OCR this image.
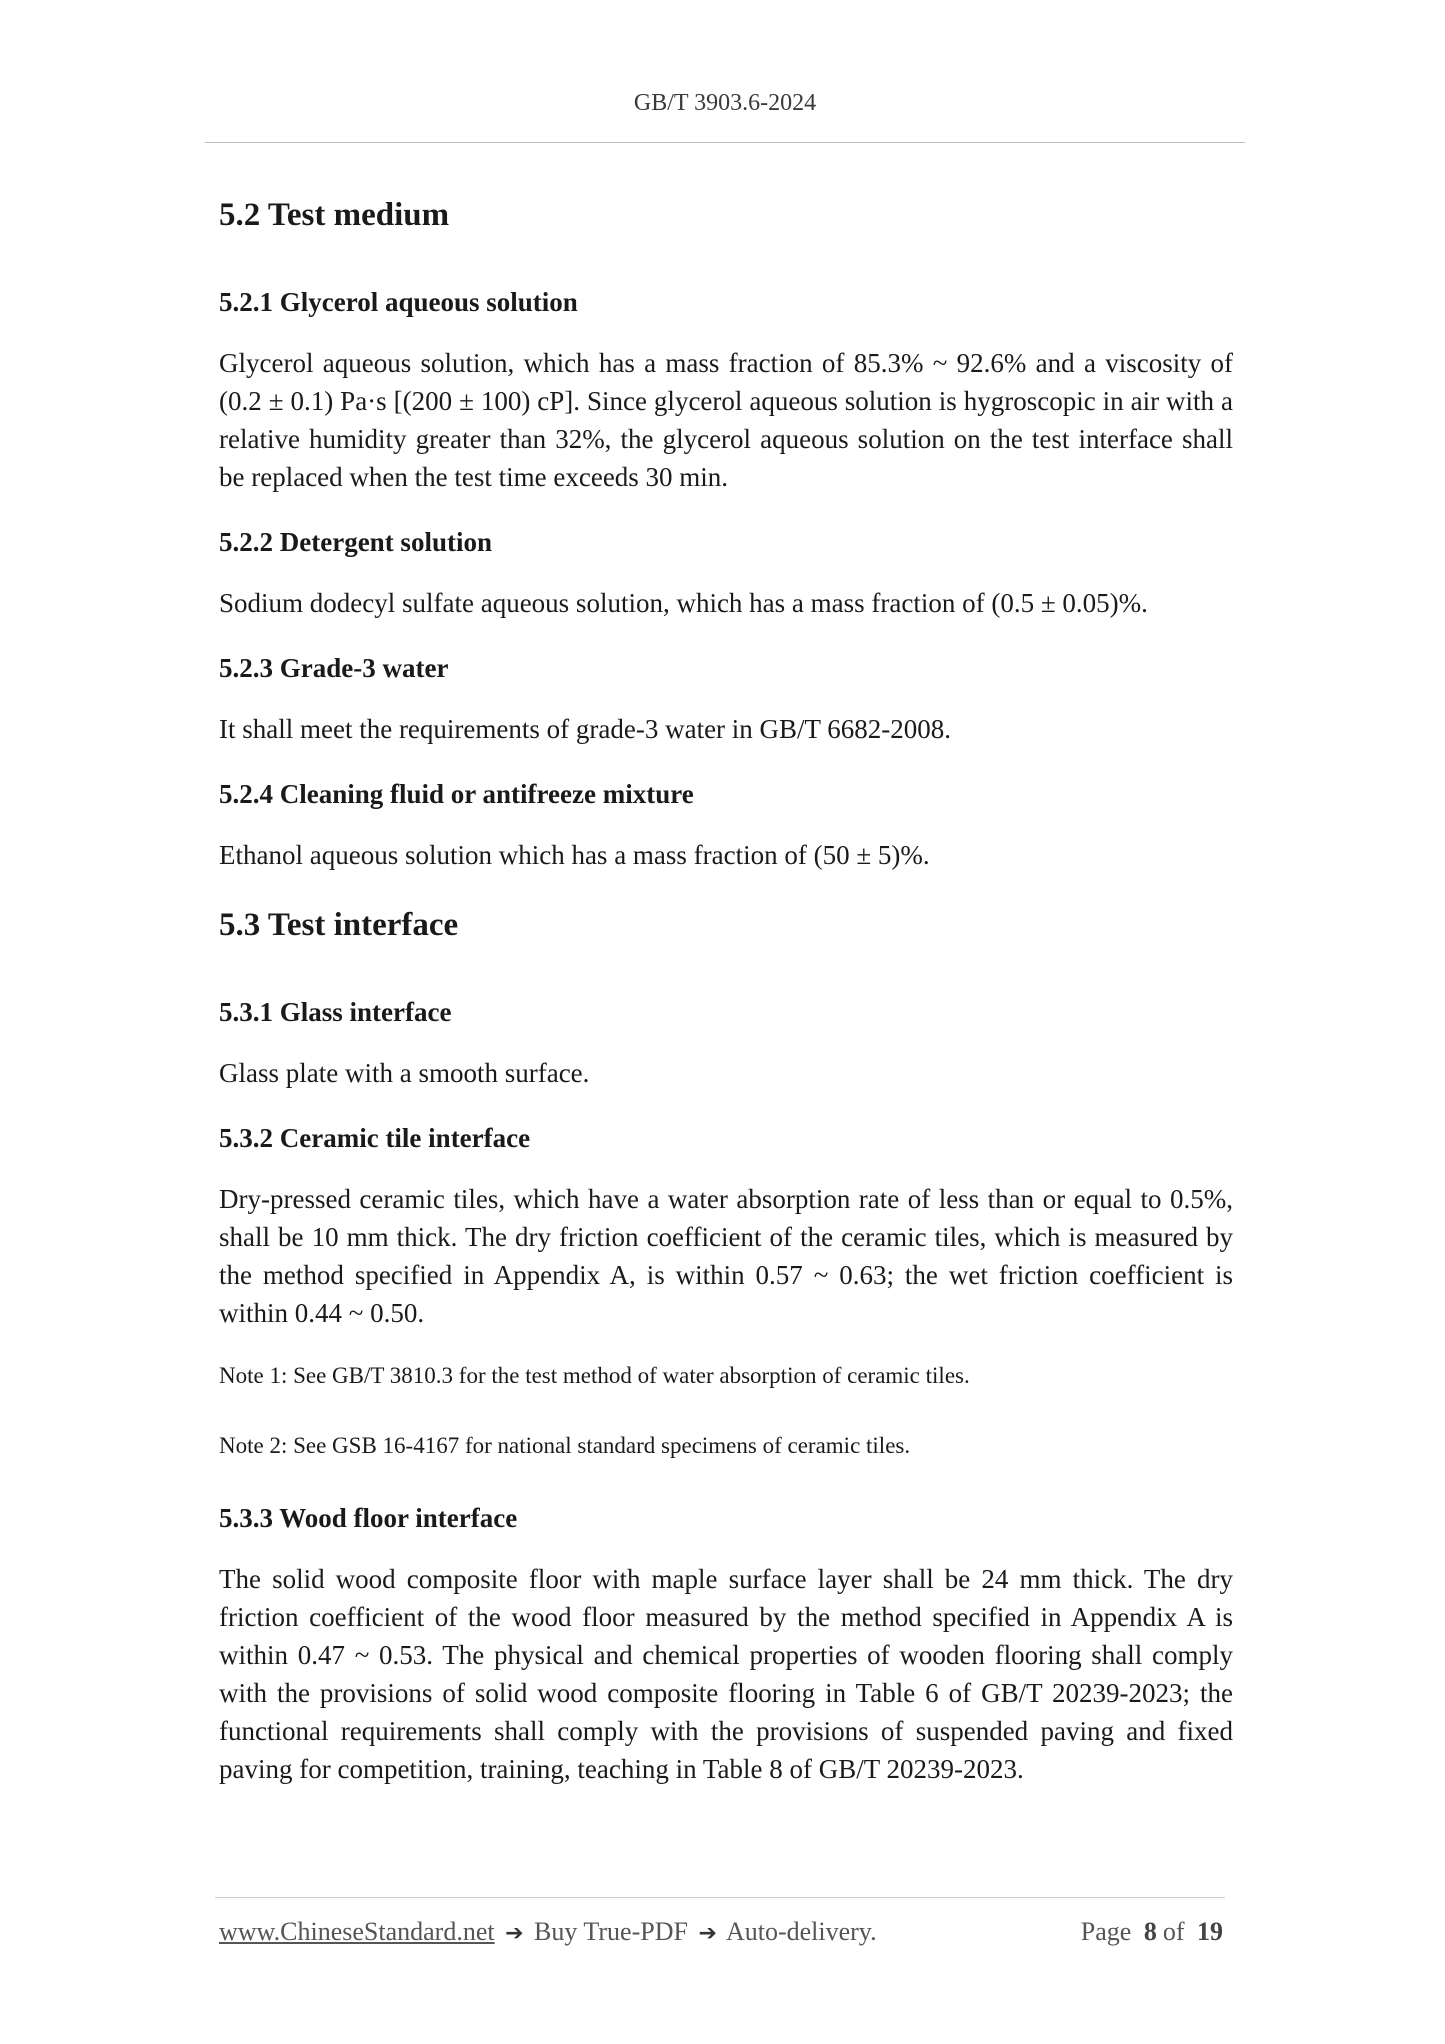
GB/T 3903.6-2024
5.2 Test medium
5.2.1 Glycerol aqueous solution

Glycerol aqueous solution, which has a mass fraction of 85.3% ~ 92.6% and a viscosity of (0.2 ± 0.1) Pa·s [(200 ± 100) cP]. Since glycerol aqueous solution is hygroscopic in air with a relative humidity greater than 32%, the glycerol aqueous solution on the test interface shall be replaced when the test time exceeds 30 min.

5.2.2 Detergent solution

Sodium dodecyl sulfate aqueous solution, which has a mass fraction of (0.5 ± 0.05)%.

5.2.3 Grade-3 water

It shall meet the requirements of grade-3 water in GB/T 6682-2008.

5.2.4 Cleaning fluid or antifreeze mixture

Ethanol aqueous solution which has a mass fraction of (50 ± 5)%.

5.3 Test interface
5.3.1 Glass interface

Glass plate with a smooth surface.

5.3.2 Ceramic tile interface

Dry-pressed ceramic tiles, which have a water absorption rate of less than or equal to 0.5%, shall be 10 mm thick. The dry friction coefficient of the ceramic tiles, which is measured by the method specified in Appendix A, is within 0.57 ~ 0.63; the wet friction coefficient is within 0.44 ~ 0.50.

Note 1: See GB/T 3810.3 for the test method of water absorption of ceramic tiles.

Note 2: See GSB 16-4167 for national standard specimens of ceramic tiles.

5.3.3 Wood floor interface

The solid wood composite floor with maple surface layer shall be 24 mm thick. The dry friction coefficient of the wood floor measured by the method specified in Appendix A is within 0.47 ~ 0.53. The physical and chemical properties of wooden flooring shall comply with the provisions of solid wood composite flooring in Table 6 of GB/T 20239-2023; the functional requirements shall comply with the provisions of suspended paving and fixed paving for competition, training, teaching in Table 8 of GB/T 20239-2023.

www.ChineseStandard.net ➔ Buy True-PDF ➔ Auto-delivery.	Page 8 of 19
